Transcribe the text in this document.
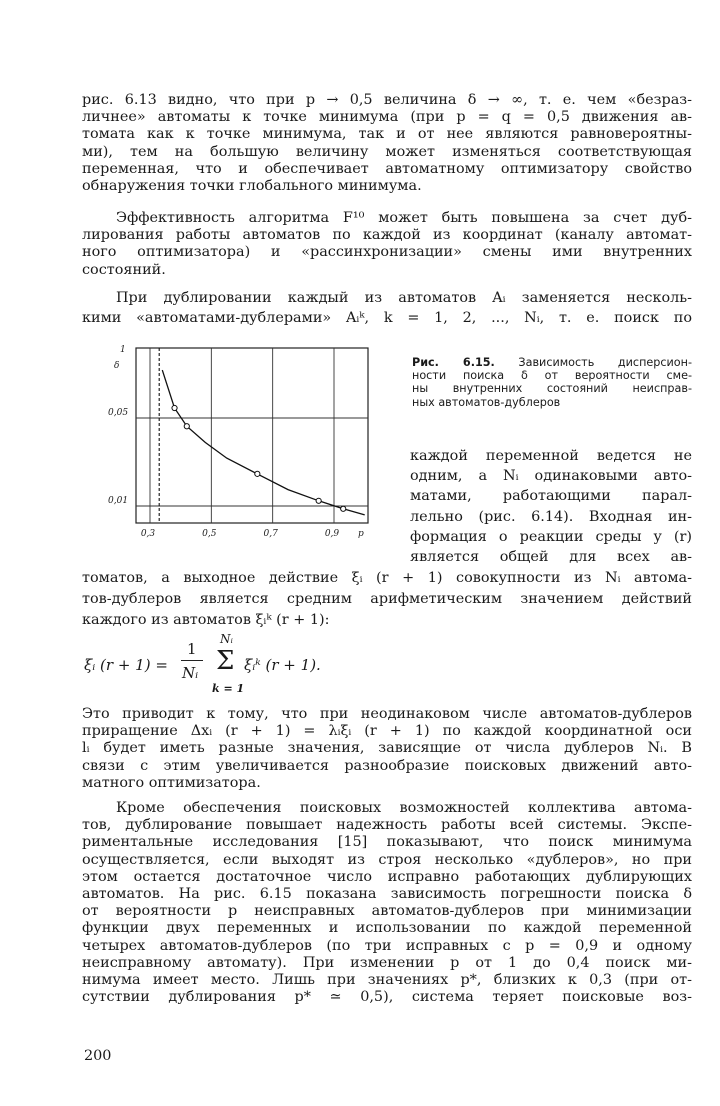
рис. 6.13 видно, что при p → 0,5 величина δ → ∞, т. е. чем «безраз-
личнее» автоматы к точке минимума (при p = q = 0,5 движения ав-
томата как к точке минимума, так и от нее являются равновероятны-
ми), тем на большую величину может изменяться соответствующая
переменная, что и обеспечивает автоматному оптимизатору свойство
обнаружения точки глобального минимума.

Эффективность алгоритма F¹⁰ может быть повышена за счет дуб-
лирования работы автоматов по каждой из координат (каналу автомат-
ного оптимизатора) и «рассинхронизации» смены ими внутренних
состояний.

При дублировании каждый из автоматов Aᵢ заменяется несколь-
кими «автоматами-дублерами» Aᵢᵏ, k = 1, 2, ..., Nᵢ, т. е. поиск по

0,3	0,5	0,7	0,9
0,05
0,01
1
δ
p
Рис. 6.15. Зависимость дисперсион-
ности поиска δ от вероятности сме-
ны внутренних состояний неисправ-
ных автоматов-дублеров
каждой переменной ведется не
одним, а Nᵢ одинаковыми авто-
матами, работающими парал-
лельно (рис. 6.14). Входная ин-
формация о реакции среды y (r)
является общей для всех ав-

томатов, а выходное действие ξᵢ (r + 1) совокупности из Nᵢ автома-
тов-дублеров является средним арифметическим значением действий
каждого из автоматов ξᵢᵏ (r + 1):

ξᵢ (r + 1) =
1
Nᵢ
Nᵢ
Σ
k = 1
ξᵢᵏ (r + 1).

Это приводит к тому, что при неодинаковом числе автоматов-дублеров
приращение Δxᵢ (r + 1) = λᵢξᵢ (r + 1) по каждой координатной оси
lᵢ будет иметь разные значения, зависящие от числа дублеров Nᵢ. В
связи с этим увеличивается разнообразие поисковых движений авто-
матного оптимизатора.

Кроме обеспечения поисковых возможностей коллектива автома-
тов, дублирование повышает надежность работы всей системы. Экспе-
риментальные исследования [15] показывают, что поиск минимума
осуществляется, если выходят из строя несколько «дублеров», но при
этом остается достаточное число исправно работающих дублирующих
автоматов. На рис. 6.15 показана зависимость погрешности поиска δ
от вероятности p неисправных автоматов-дублеров при минимизации
функции двух переменных и использовании по каждой переменной
четырех автоматов-дублеров (по три исправных с p = 0,9 и одному
неисправному автомату). При изменении p от 1 до 0,4 поиск ми-
нимума имеет место. Лишь при значениях p*, близких к 0,3 (при от-
сутствии дублирования p* ≃ 0,5), система теряет поисковые воз-

200
